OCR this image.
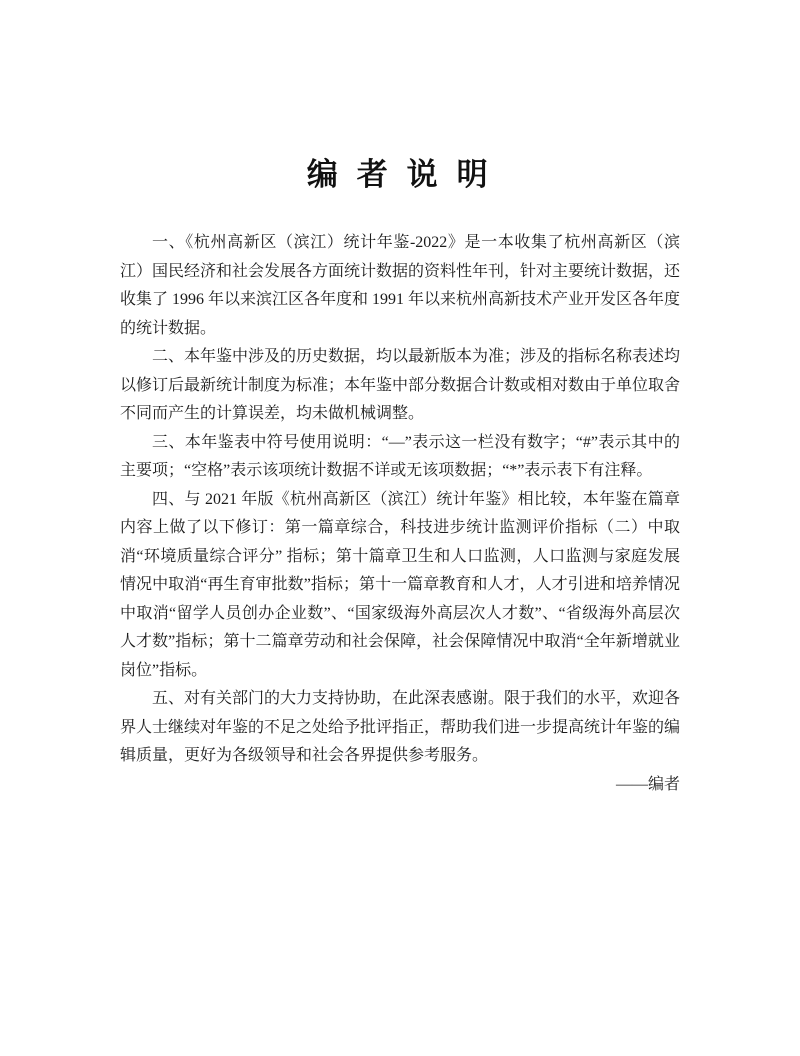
编 者 说 明

一、《杭州高新区（滨江）统计年鉴-2022》是一本收集了杭州高新区（滨江）国民经济和社会发展各方面统计数据的资料性年刊，针对主要统计数据，还收集了 1996 年以来滨江区各年度和 1991 年以来杭州高新技术产业开发区各年度的统计数据。

二、本年鉴中涉及的历史数据，均以最新版本为准；涉及的指标名称表述均以修订后最新统计制度为标准；本年鉴中部分数据合计数或相对数由于单位取舍不同而产生的计算误差，均未做机械调整。

三、本年鉴表中符号使用说明：“—”表示这一栏没有数字；“#”表示其中的主要项；“空格”表示该项统计数据不详或无该项数据；“*”表示表下有注释。

四、与 2021 年版《杭州高新区（滨江）统计年鉴》相比较，本年鉴在篇章内容上做了以下修订：第一篇章综合，科技进步统计监测评价指标（二）中取消“环境质量综合评分” 指标；第十篇章卫生和人口监测，人口监测与家庭发展情况中取消“再生育审批数”指标；第十一篇章教育和人才，人才引进和培养情况中取消“留学人员创办企业数”、“国家级海外高层次人才数”、“省级海外高层次人才数”指标；第十二篇章劳动和社会保障，社会保障情况中取消“全年新增就业岗位”指标。

五、对有关部门的大力支持协助，在此深表感谢。限于我们的水平，欢迎各界人士继续对年鉴的不足之处给予批评指正，帮助我们进一步提高统计年鉴的编辑质量，更好为各级领导和社会各界提供参考服务。

——编者
